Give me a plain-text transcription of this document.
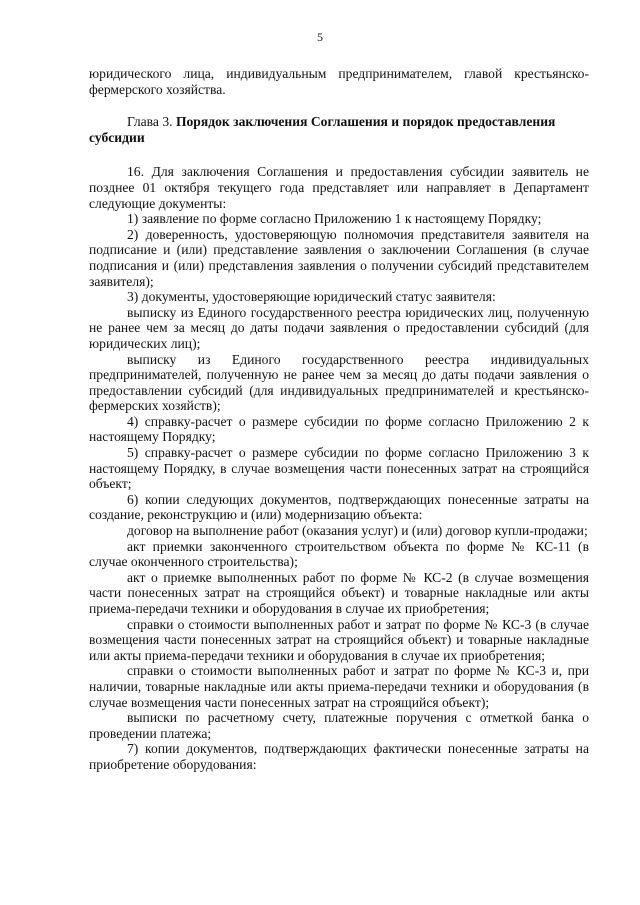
5

юридического лица, индивидуальным предпринимателем, главой крестьянско-фермерского хозяйства.

Глава 3. Порядок заключения Соглашения и порядок предоставления субсидии

16. Для заключения Соглашения и предоставления субсидии заявитель не позднее 01 октября текущего года представляет или направляет в Департамент следующие документы:

1) заявление по форме согласно Приложению 1 к настоящему Порядку;

2) доверенность, удостоверяющую полномочия представителя заявителя на подписание и (или) представление заявления о заключении Соглашения (в случае подписания и (или) представления заявления о получении субсидий представителем заявителя);

3) документы, удостоверяющие юридический статус заявителя:

выписку из Единого государственного реестра юридических лиц, полученную не ранее чем за месяц до даты подачи заявления о предоставлении субсидий (для юридических лиц);

выписку из Единого государственного реестра индивидуальных предпринимателей, полученную не ранее чем за месяц до даты подачи заявления о предоставлении субсидий (для индивидуальных предпринимателей и крестьянско-фермерских хозяйств);

4) справку-расчет о размере субсидии по форме согласно Приложению 2 к настоящему Порядку;

5) справку-расчет о размере субсидии по форме согласно Приложению 3 к настоящему Порядку, в случае возмещения части понесенных затрат на строящийся объект;

6) копии следующих документов, подтверждающих понесенные затраты на создание, реконструкцию и (или) модернизацию объекта:

договор на выполнение работ (оказания услуг) и (или) договор купли-продажи;

акт приемки законченного строительством объекта по форме № КС-11 (в случае оконченного строительства);

акт о приемке выполненных работ по форме № КС-2 (в случае возмещения части понесенных затрат на строящийся объект) и товарные накладные или акты приема-передачи техники и оборудования в случае их приобретения;

справки о стоимости выполненных работ и затрат по форме № КС-3 (в случае возмещения части понесенных затрат на строящийся объект) и товарные накладные или акты приема-передачи техники и оборудования в случае их приобретения;

справки о стоимости выполненных работ и затрат по форме № КС-3 и, при наличии, товарные накладные или акты приема-передачи техники и оборудования (в случае возмещения части понесенных затрат на строящийся объект);

выписки по расчетному счету, платежные поручения с отметкой банка о проведении платежа;

7) копии документов, подтверждающих фактически понесенные затраты на приобретение оборудования:
